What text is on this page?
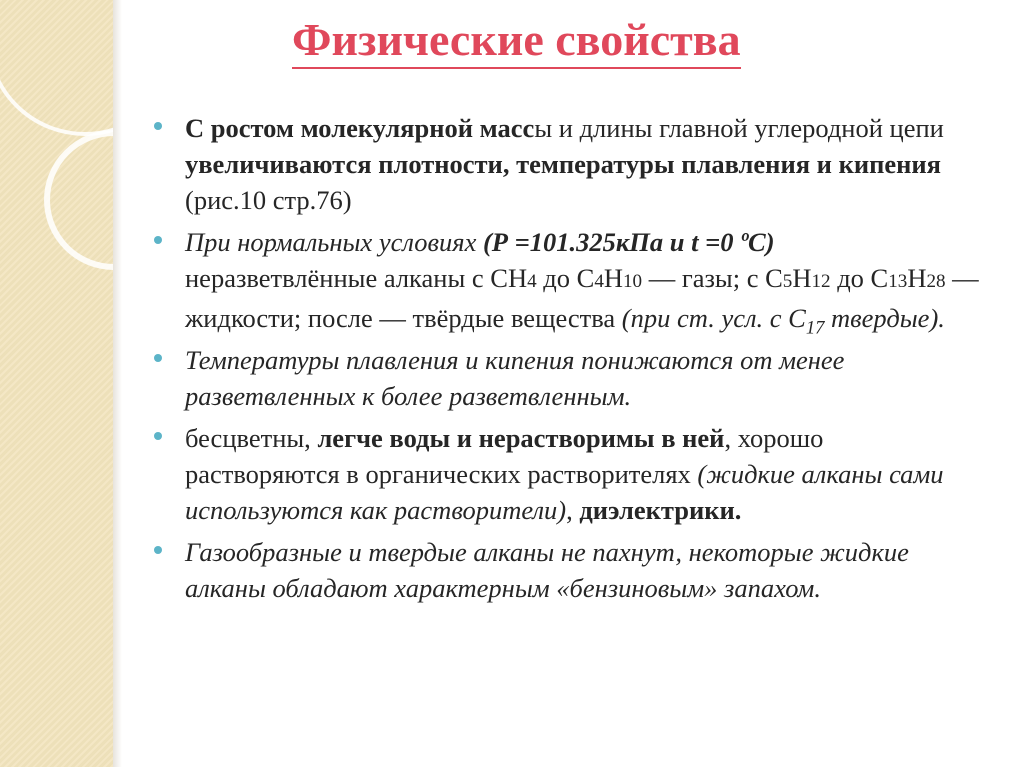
Физические свойства
С ростом молекулярной массы и длины главной углеродной цепи увеличиваются плотности, температуры плавления и кипения (рис.10 стр.76)
При нормальных условиях (Р =101.325кПа и t =0 ºС)
неразветвлённые алканы с СН4 до С4Н10 — газы; с С5Н12 до С13Н28 — жидкости; после — твёрдые вещества (при ст. усл. с $С_{17}$ твердые).
Температуры плавления и кипения понижаются от менее разветвленных к более разветвленным.
бесцветны, легче воды и нерастворимы в ней, хорошо растворяются в органических растворителях (жидкие алканы сами используются как растворители), диэлектрики.
Газообразные и твердые алканы не пахнут, некоторые жидкие алканы обладают характерным «бензиновым» запахом.
